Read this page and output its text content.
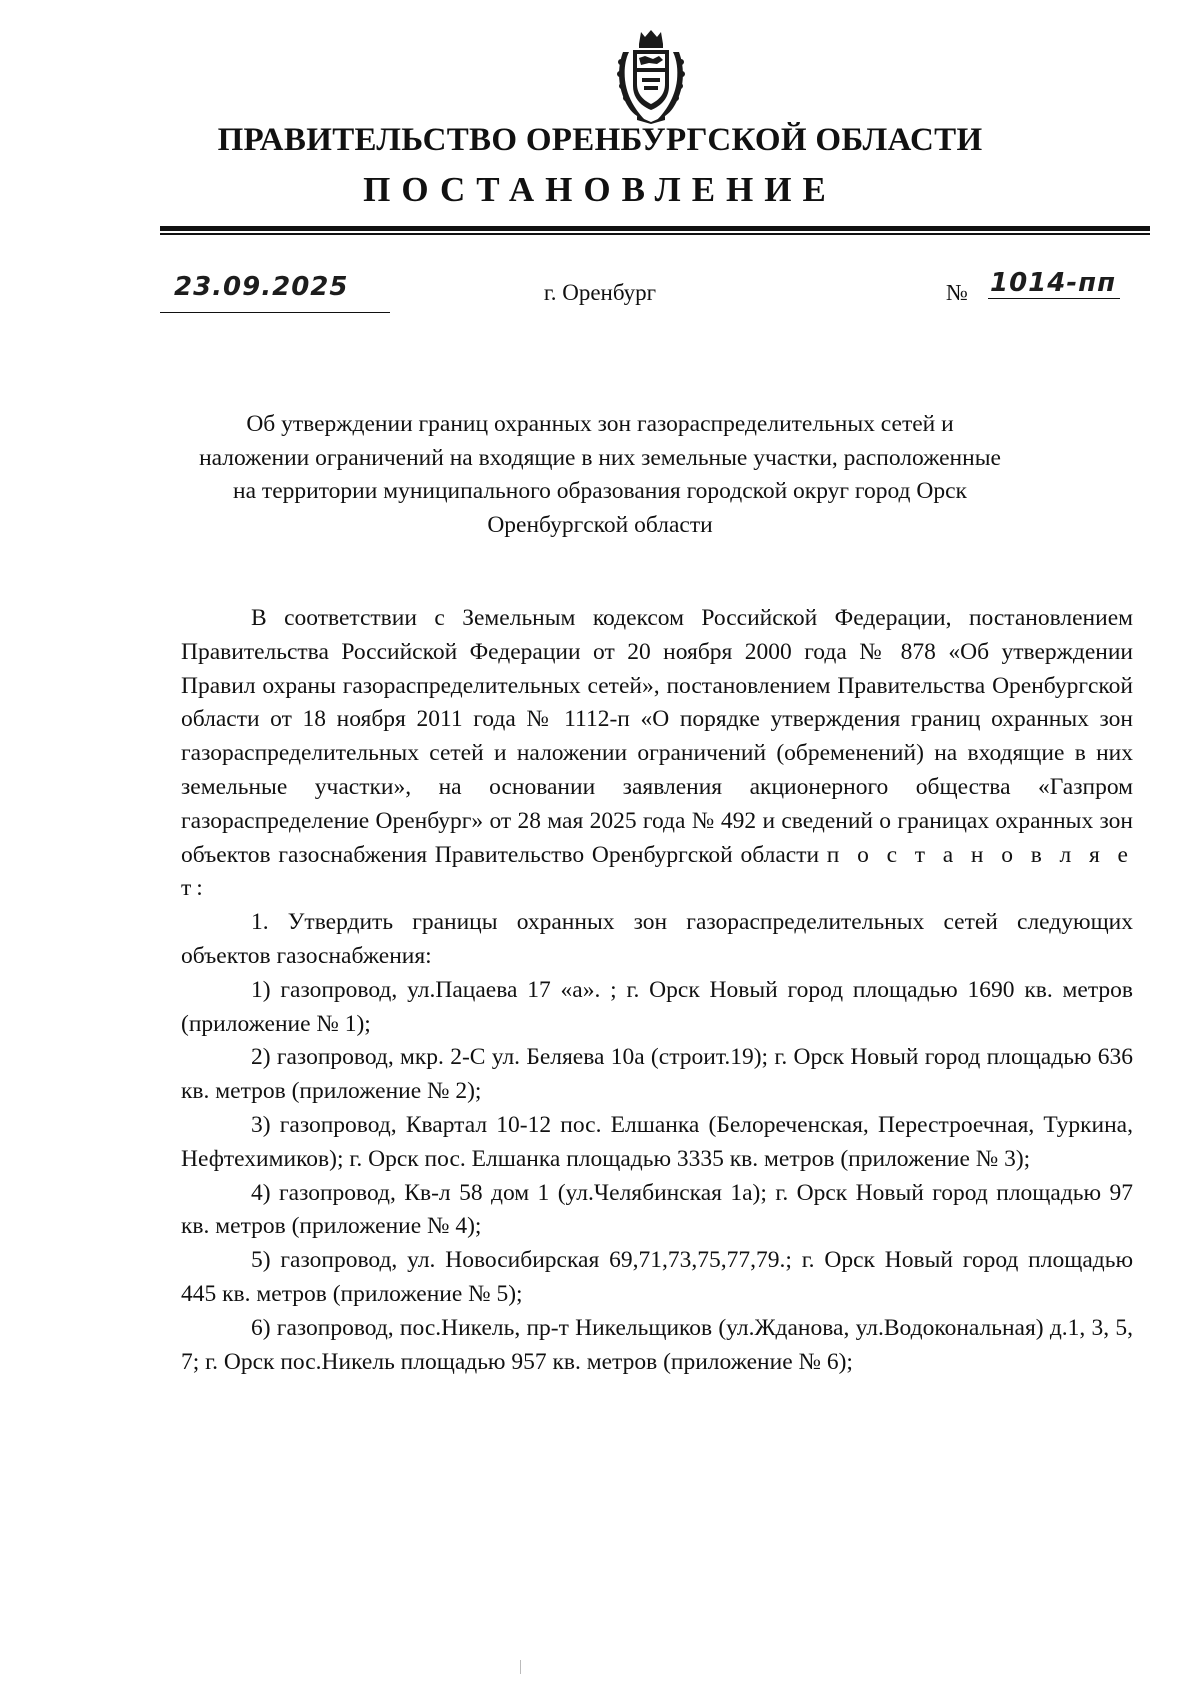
ПРАВИТЕЛЬСТВО ОРЕНБУРГСКОЙ ОБЛАСТИ
ПОСТАНОВЛЕНИЕ
23.09.2025	г. Оренбург	№ 1014-пп
Об утверждении границ охранных зон газораспределительных сетей и наложении ограничений на входящие в них земельные участки, расположенные на территории муниципального образования городской округ город Орск Оренбургской области

В соответствии с Земельным кодексом Российской Федерации, постановлением Правительства Российской Федерации от 20 ноября 2000 года № 878 «Об утверждении Правил охраны газораспределительных сетей», постановлением Правительства Оренбургской области от 18 ноября 2011 года № 1112-п «О порядке утверждения границ охранных зон газораспределительных сетей и наложении ограничений (обременений) на входящие в них земельные участки», на основании заявления акционерного общества «Газпром газораспределение Оренбург» от 28 мая 2025 года № 492 и сведений о границах охранных зон объектов газоснабжения Правительство Оренбургской области п о с т а н о в л я е т:

1. Утвердить границы охранных зон газораспределительных сетей следующих объектов газоснабжения:

1) газопровод, ул.Пацаева 17 «а». ; г. Орск Новый город площадью 1690 кв. метров (приложение № 1);

2) газопровод, мкр. 2-С ул. Беляева 10а (строит.19); г. Орск Новый город площадью 636 кв. метров (приложение № 2);

3) газопровод, Квартал 10-12 пос. Елшанка (Белореченская, Перестроечная, Туркина, Нефтехимиков); г. Орск пос. Елшанка площадью 3335 кв. метров (приложение № 3);

4) газопровод, Кв-л 58 дом 1 (ул.Челябинская 1а); г. Орск Новый город площадью 97 кв. метров (приложение № 4);

5) газопровод, ул. Новосибирская 69,71,73,75,77,79.; г. Орск Новый город площадью 445 кв. метров (приложение № 5);

6) газопровод, пос.Никель, пр-т Никельщиков (ул.Жданова, ул.Водокональная) д.1, 3, 5, 7; г. Орск пос.Никель площадью 957 кв. метров (приложение № 6);
